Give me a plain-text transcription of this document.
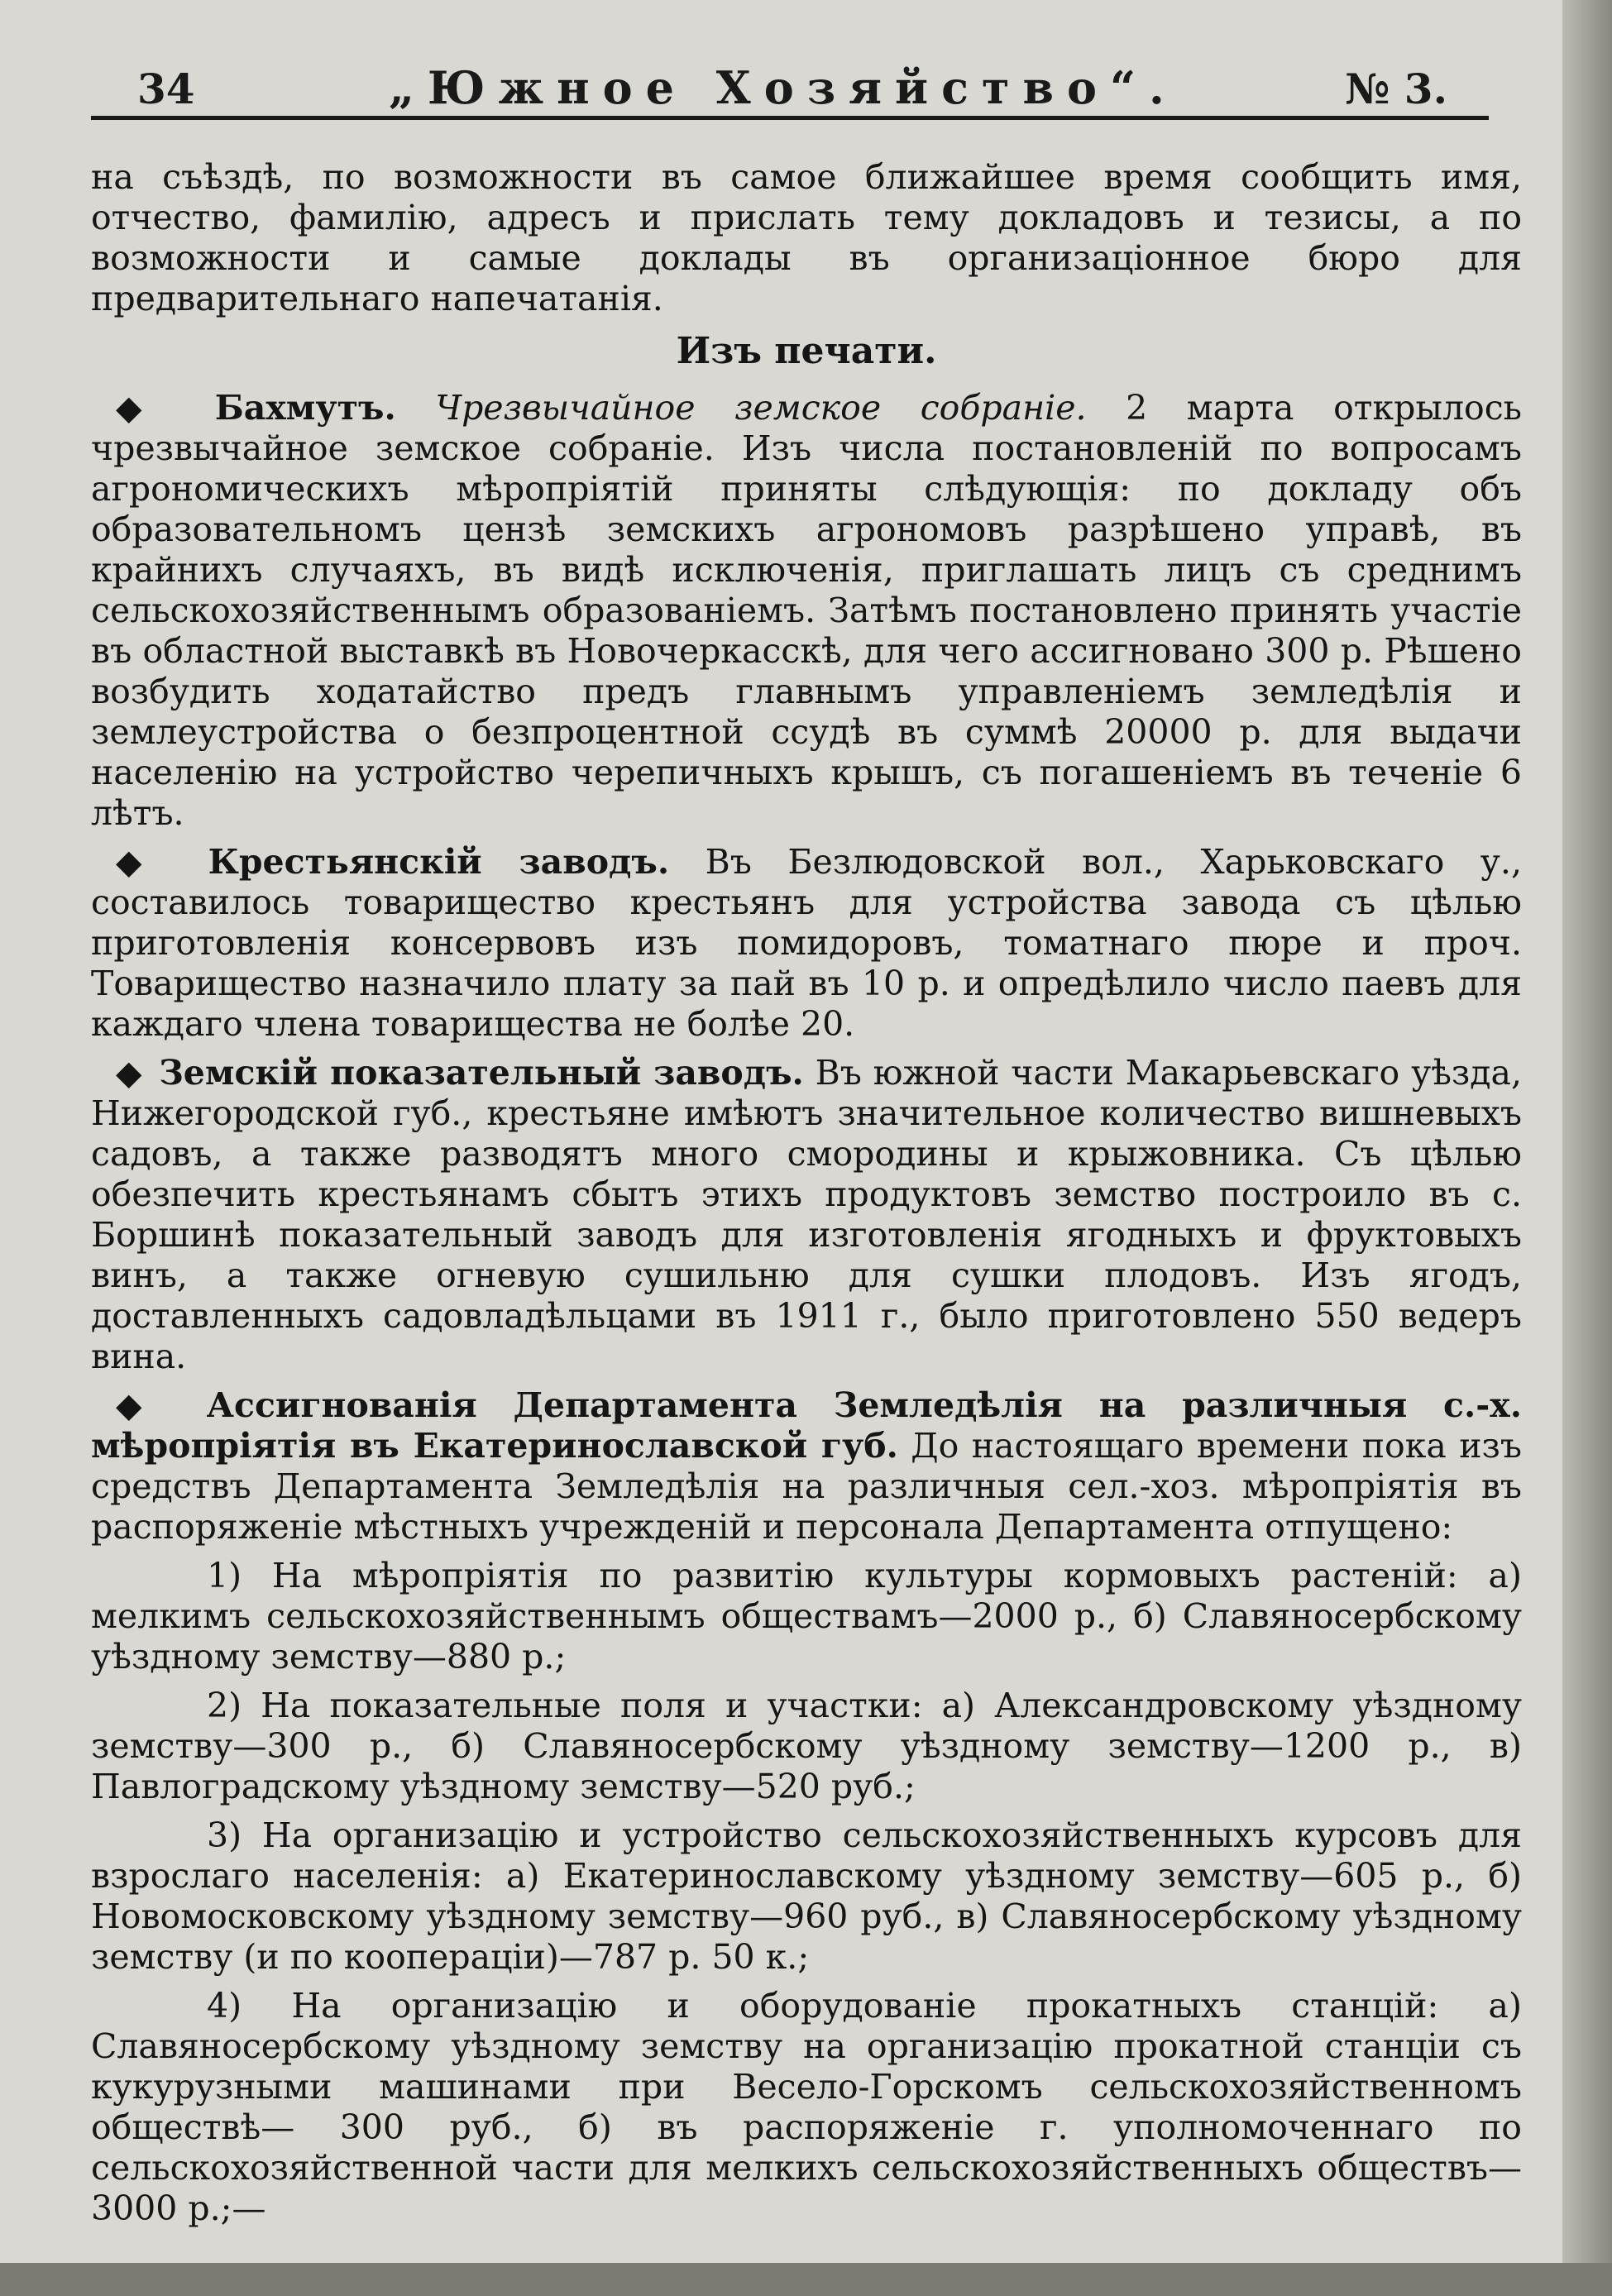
34	„Южное Хозяйство“.	№ 3.

на съѣздѣ, по возможности въ самое ближайшее время сообщить имя, отчество, фамилію, адресъ и прислать тему докладовъ и тезисы, а по возможности и самые доклады въ организаціонное бюро для предварительнаго напечатанія.

Изъ печати.

◆ Бахмутъ. Чрезвычайное земское собраніе. 2 марта открылось чрезвычайное земское собраніе. Изъ числа постановленій по вопросамъ агрономическихъ мѣропріятій приняты слѣдующія: по докладу объ образовательномъ цензѣ земскихъ агрономовъ разрѣшено управѣ, въ крайнихъ случаяхъ, въ видѣ исключенія, приглашать лицъ съ среднимъ сельскохозяйственнымъ образованіемъ. Затѣмъ постановлено принять участіе въ областной выставкѣ въ Новочеркасскѣ, для чего ассигновано 300 р. Рѣшено возбудить ходатайство предъ главнымъ управленіемъ земледѣлія и землеустройства о безпроцентной ссудѣ въ суммѣ 20000 р. для выдачи населенію на устройство черепичныхъ крышъ, съ погашеніемъ въ теченіе 6 лѣтъ.

◆ Крестьянскій заводъ. Въ Безлюдовской вол., Харьковскаго у., составилось товарищество крестьянъ для устройства завода съ цѣлью приготовленія консервовъ изъ помидоровъ, томатнаго пюре и проч. Товарищество назначило плату за пай въ 10 р. и опредѣлило число паевъ для каждаго члена товарищества не болѣе 20.

◆ Земскій показательный заводъ. Въ южной части Макарьевскаго уѣзда, Нижегородской губ., крестьяне имѣютъ значительное количество вишневыхъ садовъ, а также разводятъ много смородины и крыжовника. Съ цѣлью обезпечить крестьянамъ сбытъ этихъ продуктовъ земство построило въ с. Боршинѣ показательный заводъ для изготовленія ягодныхъ и фруктовыхъ винъ, а также огневую сушильню для сушки плодовъ. Изъ ягодъ, доставленныхъ садовладѣльцами въ 1911 г., было приготовлено 550 ведеръ вина.

◆ Ассигнованія Департамента Земледѣлія на различныя с.-х. мѣропріятія въ Екатеринославской губ. До настоящаго времени пока изъ средствъ Департамента Земледѣлія на различныя сел.-хоз. мѣропріятія въ распоряженіе мѣстныхъ учрежденій и персонала Департамента отпущено:

1) На мѣропріятія по развитію культуры кормовыхъ растеній: а) мелкимъ сельскохозяйственнымъ обществамъ—2000 р., б) Славяносербскому уѣздному земству—880 р.;

2) На показательные поля и участки: а) Александровскому уѣздному земству—300 р., б) Славяносербскому уѣздному земству—1200 р., в) Павлоградскому уѣздному земству—520 руб.;

3) На организацію и устройство сельскохозяйственныхъ курсовъ для взрослаго населенія: а) Екатеринославскому уѣздному земству—605 р., б) Новомосковскому уѣздному земству—960 руб., в) Славяносербскому уѣздному земству (и по коопераціи)—787 р. 50 к.;

4) На организацію и оборудованіе прокатныхъ станцій: а) Славяносербскому уѣздному земству на организацію прокатной станціи съ кукурузными машинами при Весело-Горскомъ сельскохозяйственномъ обществѣ— 300 руб., б) въ распоряженіе г. уполномоченнаго по сельскохозяйственной части для мелкихъ сельскохозяйственныхъ обществъ—3000 р.;—
